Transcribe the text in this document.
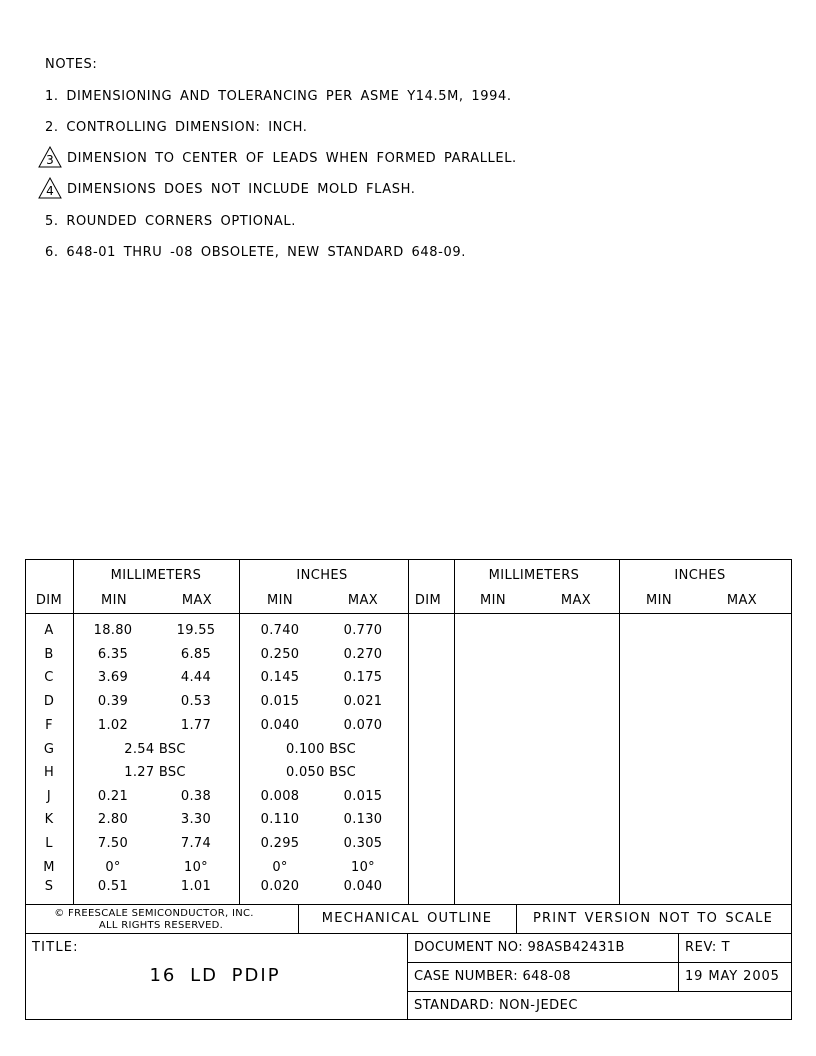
NOTES:
1. DIMENSIONING AND TOLERANCING PER ASME Y14.5M, 1994.
2. CONTROLLING DIMENSION: INCH.
3 DIMENSION TO CENTER OF LEADS WHEN FORMED PARALLEL.
4 DIMENSIONS DOES NOT INCLUDE MOLD FLASH.
5. ROUNDED CORNERS OPTIONAL.
6. 648-01 THRU -08 OBSOLETE, NEW STANDARD 648-09.
MILLIMETERS	INCHES	MILLIMETERS	INCHES
DIM	MIN	MAX	MIN	MAX	DIM	MIN	MAX	MIN	MAX
A	18.80	19.55	0.740	0.770
B	6.35	6.85	0.250	0.270
C	3.69	4.44	0.145	0.175
D	0.39	0.53	0.015	0.021
F	1.02	1.77	0.040	0.070
G	2.54 BSC	0.100 BSC
H	1.27 BSC	0.050 BSC
J	0.21	0.38	0.008	0.015
K	2.80	3.30	0.110	0.130
L	7.50	7.74	0.295	0.305
M	0°	10°	0°	10°
S	0.51	1.01	0.020	0.040
© FREESCALE SEMICONDUCTOR, INC.
ALL RIGHTS RESERVED.	MECHANICAL OUTLINE	PRINT VERSION NOT TO SCALE
TITLE:
16 LD PDIP
DOCUMENT NO: 98ASB42431B	REV: T
CASE NUMBER: 648-08	19 MAY 2005
STANDARD: NON-JEDEC
